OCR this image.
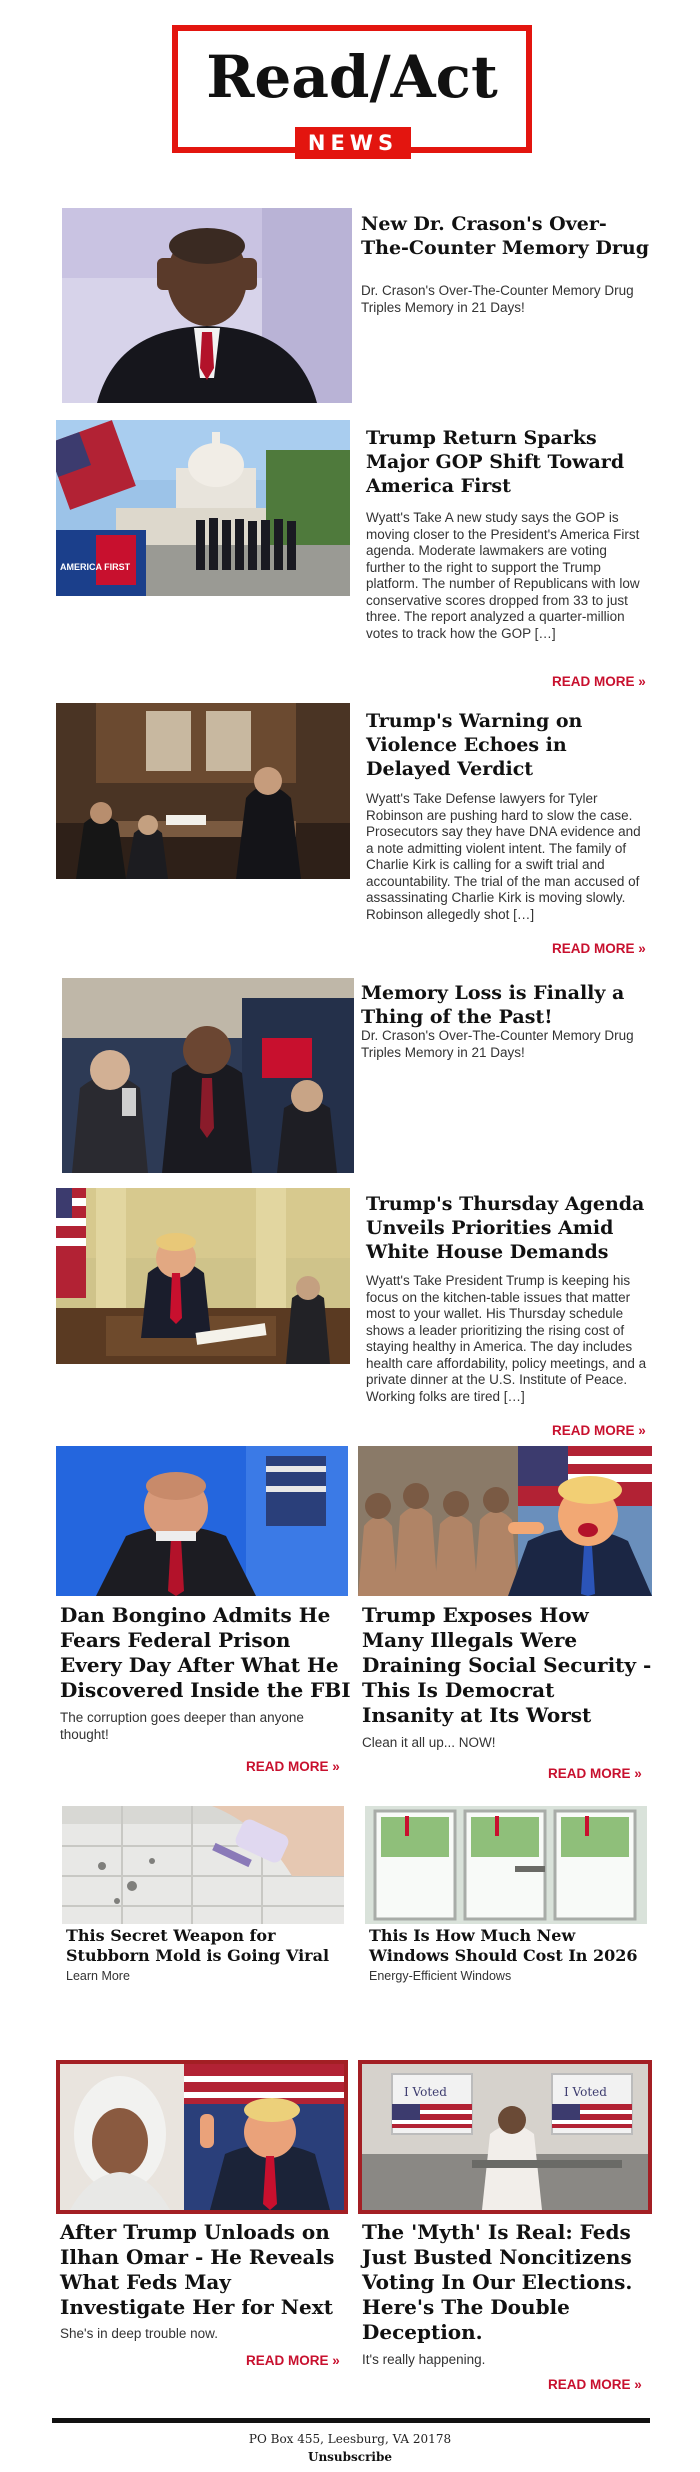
Read/Act
NEWS
New Dr. Crason's Over-The-Counter Memory Drug
Dr. Crason's Over-The-Counter Memory Drug Triples Memory in 21 Days!
AMERICA FIRST
Trump Return Sparks Major GOP Shift Toward America First
Wyatt's Take A new study says the GOP is moving closer to the President's America First agenda. Moderate lawmakers are voting further to the right to support the Trump platform. The number of Republicans with low conservative scores dropped from 33 to just three. The report analyzed a quarter-million votes to track how the GOP […]
READ MORE »
Trump's Warning on Violence Echoes in Delayed Verdict
Wyatt's Take Defense lawyers for Tyler Robinson are pushing hard to slow the case. Prosecutors say they have DNA evidence and a note admitting violent intent. The family of Charlie Kirk is calling for a swift trial and accountability. The trial of the man accused of assassinating Charlie Kirk is moving slowly. Robinson allegedly shot […]
READ MORE »
Memory Loss is Finally a Thing of the Past!
Dr. Crason's Over-The-Counter Memory Drug Triples Memory in 21 Days!
Trump's Thursday Agenda Unveils Priorities Amid White House Demands
Wyatt's Take President Trump is keeping his focus on the kitchen-table issues that matter most to your wallet. His Thursday schedule shows a leader prioritizing the rising cost of staying healthy in America. The day includes health care affordability, policy meetings, and a private dinner at the U.S. Institute of Peace. Working folks are tired […]
READ MORE »
Dan Bongino Admits He Fears Federal Prison Every Day After What He Discovered Inside the FBI
The corruption goes deeper than anyone thought!
READ MORE »
Trump Exposes How Many Illegals Were Draining Social Security - This Is Democrat Insanity at Its Worst
Clean it all up... NOW!
READ MORE »
This Secret Weapon for Stubborn Mold is Going Viral
Learn More
This Is How Much New Windows Should Cost In 2026
Energy-Efficient Windows
After Trump Unloads on Ilhan Omar - He Reveals What Feds May Investigate Her for Next
She's in deep trouble now.
READ MORE »
I Voted	I Voted
The 'Myth' Is Real: Feds Just Busted Noncitizens Voting In Our Elections. Here's The Double Deception.
It's really happening.
READ MORE »
PO Box 455, Leesburg, VA 20178
Unsubscribe
